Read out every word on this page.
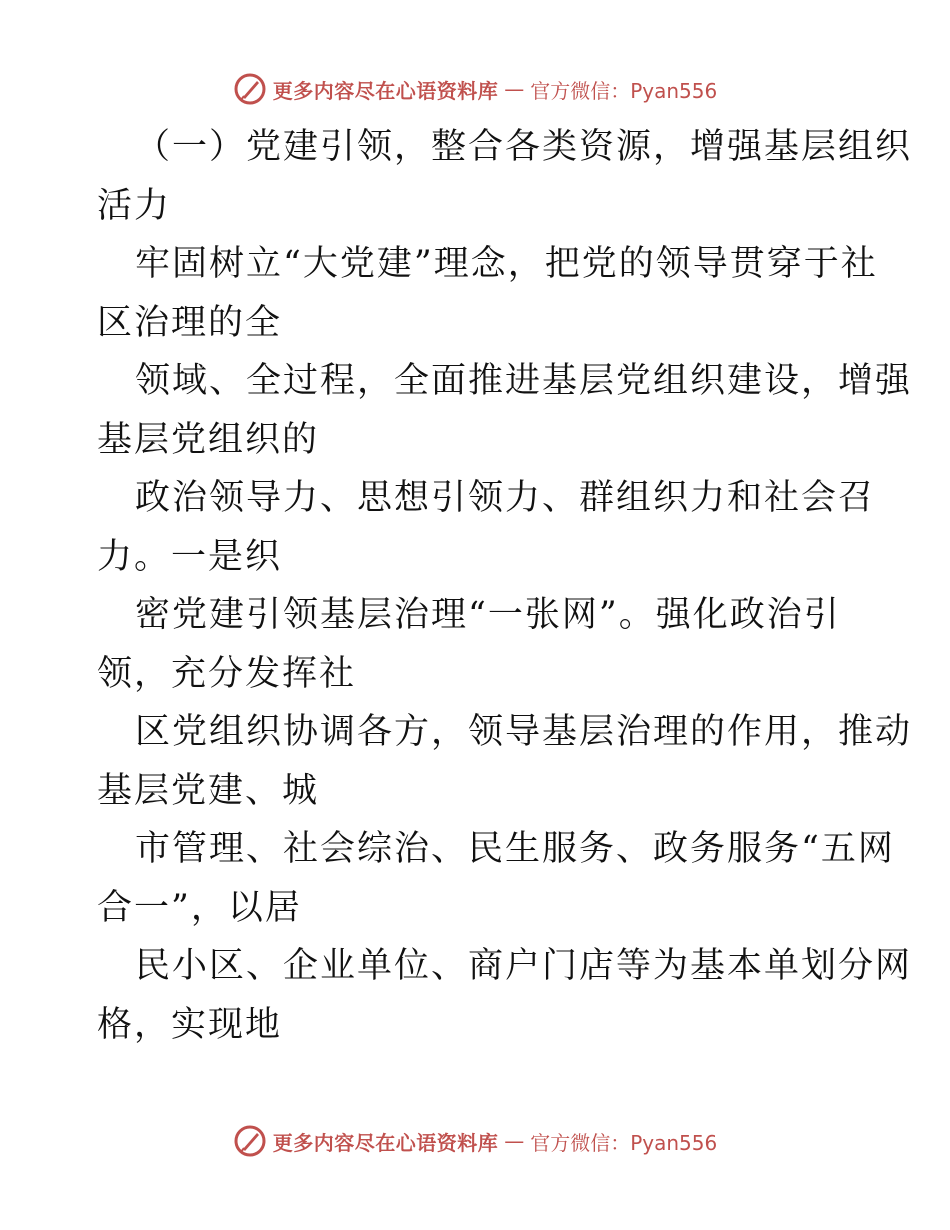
更多内容尽在心语资料库 — 官方微信：Pyan556
（一）党建引领，整合各类资源，增强基层组织
活力
牢固树立“大党建”理念，把党的领导贯穿于社
区治理的全
领域、全过程，全面推进基层党组织建设，增强
基层党组织的
政治领导力、思想引领力、群组织力和社会召
力。一是织
密党建引领基层治理“一张网”。强化政治引
领，充分发挥社
区党组织协调各方，领导基层治理的作用，推动
基层党建、城
市管理、社会综治、民生服务、政务服务“五网
合一”，以居
民小区、企业单位、商户门店等为基本单划分网
格，实现地
更多内容尽在心语资料库 — 官方微信：Pyan556
